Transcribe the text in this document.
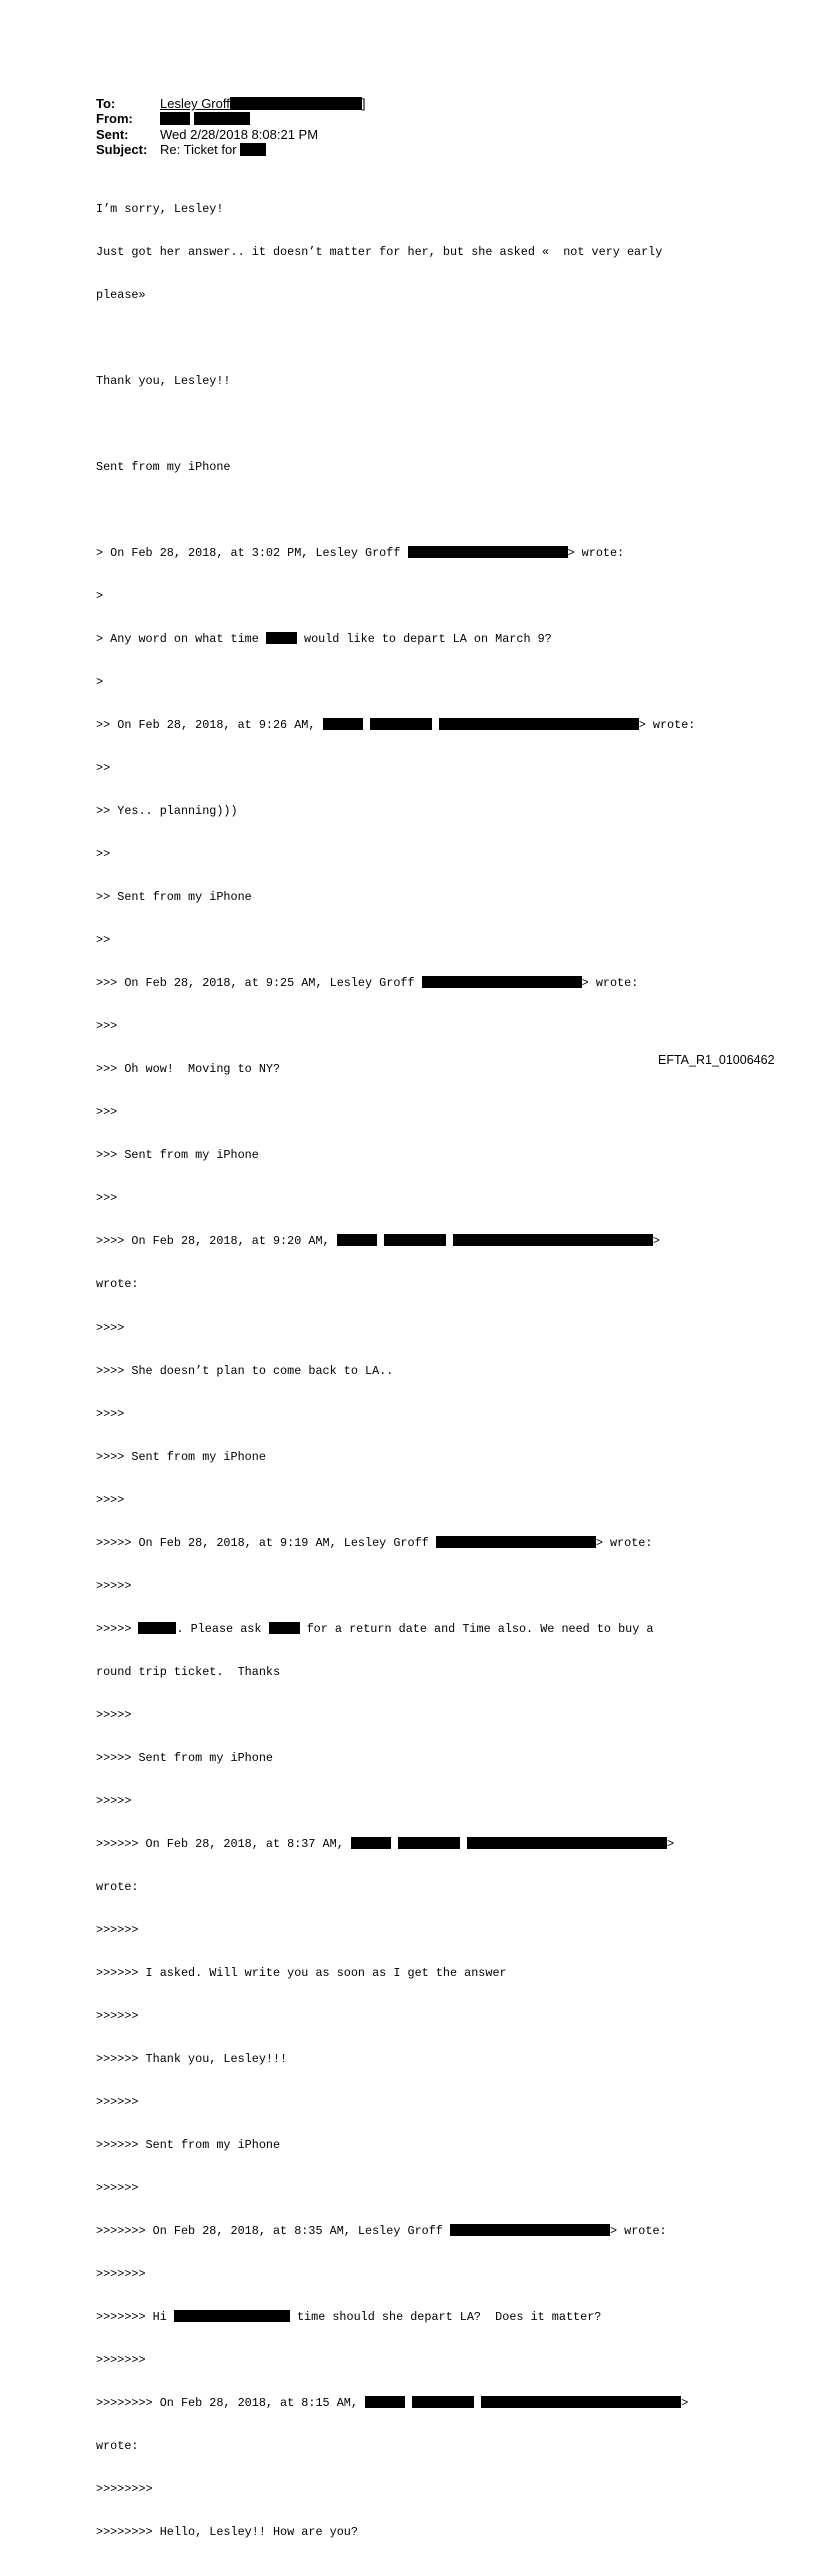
To:	Lesley Groff	]
From:

Sent:	Wed 2/28/2018 8:08:21 PM
Subject: Re: Ticket for

I’m sorry, Lesley!

Just got her answer.. it doesn’t matter for her, but she asked «  not very early

please»

Thank you, Lesley!!

Sent from my iPhone

> On Feb 28, 2018, at 3:02 PM, Lesley Groff	> wrote:

>

> Any word on what time	would like to depart LA on March 9?

>

>> On Feb 28, 2018, at 9:26 AM,	> wrote:

>>

>> Yes.. planning)))

>>

>> Sent from my iPhone

>>

>>> On Feb 28, 2018, at 9:25 AM, Lesley Groff	> wrote:

>>>

>>> Oh wow!  Moving to NY?

>>>

>>> Sent from my iPhone

>>>

>>>> On Feb 28, 2018, at 9:20 AM,	>

wrote:

>>>>

>>>> She doesn’t plan to come back to LA..

>>>>

>>>> Sent from my iPhone

>>>>

>>>>> On Feb 28, 2018, at 9:19 AM, Lesley Groff	> wrote:

>>>>>

>>>>>	. Please ask	for a return date and Time also. We need to buy a

round trip ticket.  Thanks

>>>>>

>>>>> Sent from my iPhone

>>>>>

>>>>>> On Feb 28, 2018, at 8:37 AM,	>

wrote:

>>>>>>

>>>>>> I asked. Will write you as soon as I get the answer

>>>>>>

>>>>>> Thank you, Lesley!!!

>>>>>>

>>>>>> Sent from my iPhone

>>>>>>

>>>>>>> On Feb 28, 2018, at 8:35 AM, Lesley Groff	> wrote:

>>>>>>>

>>>>>>> Hi	time should she depart LA?  Does it matter?

>>>>>>>

>>>>>>>> On Feb 28, 2018, at 8:15 AM,	>

wrote:

>>>>>>>>

>>>>>>>> Hello, Lesley!! How are you?

EFTA_R1_01006462
